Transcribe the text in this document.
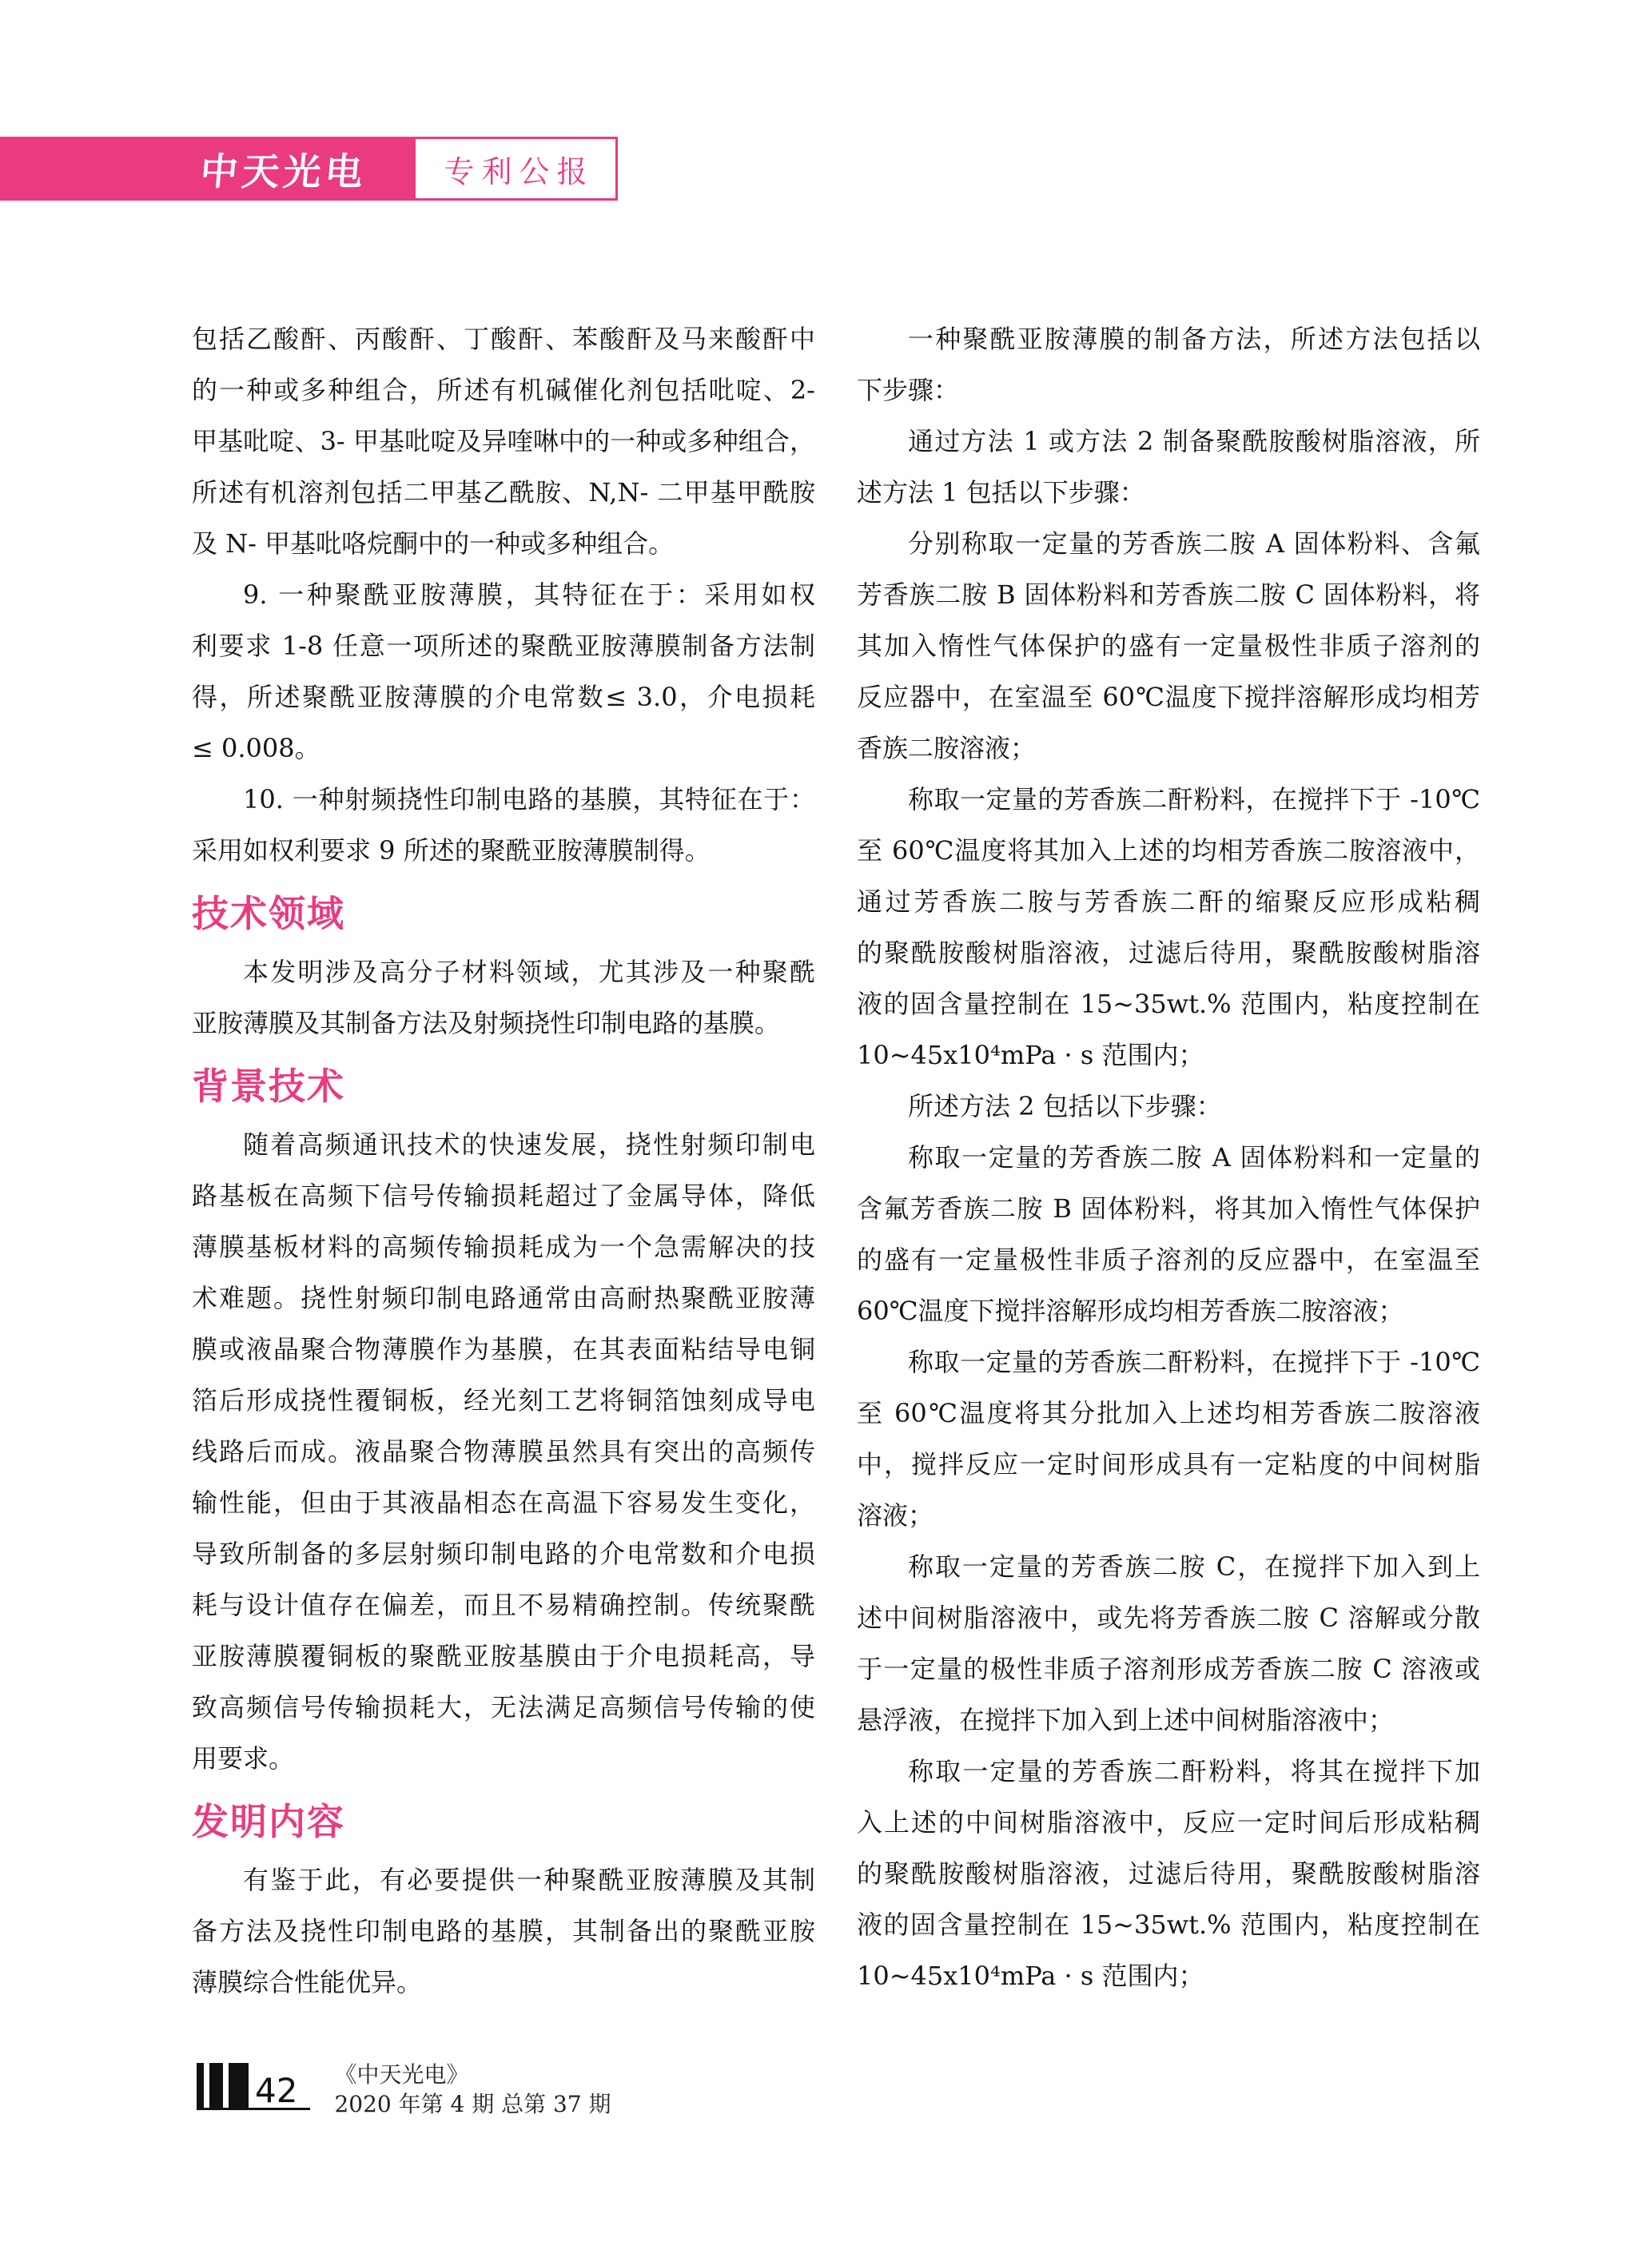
中天光电 专利公报
包括乙酸酐、丙酸酐、丁酸酐、苯酸酐及马来酸酐中
的一种或多种组合，所述有机碱催化剂包括吡啶、2-
甲基吡啶、3- 甲基吡啶及异喹啉中的一种或多种组合，
所述有机溶剂包括二甲基乙酰胺、N,N- 二甲基甲酰胺
及 N- 甲基吡咯烷酮中的一种或多种组合。
9. 一种聚酰亚胺薄膜，其特征在于：采用如权
利要求 1-8 任意一项所述的聚酰亚胺薄膜制备方法制
得，所述聚酰亚胺薄膜的介电常数≤ 3.0，介电损耗
≤ 0.008。
10. 一种射频挠性印制电路的基膜，其特征在于：
采用如权利要求 9 所述的聚酰亚胺薄膜制得。
技术领域
本发明涉及高分子材料领域，尤其涉及一种聚酰
亚胺薄膜及其制备方法及射频挠性印制电路的基膜。
背景技术
随着高频通讯技术的快速发展，挠性射频印制电
路基板在高频下信号传输损耗超过了金属导体，降低
薄膜基板材料的高频传输损耗成为一个急需解决的技
术难题。挠性射频印制电路通常由高耐热聚酰亚胺薄
膜或液晶聚合物薄膜作为基膜，在其表面粘结导电铜
箔后形成挠性覆铜板，经光刻工艺将铜箔蚀刻成导电
线路后而成。液晶聚合物薄膜虽然具有突出的高频传
输性能，但由于其液晶相态在高温下容易发生变化，
导致所制备的多层射频印制电路的介电常数和介电损
耗与设计值存在偏差，而且不易精确控制。传统聚酰
亚胺薄膜覆铜板的聚酰亚胺基膜由于介电损耗高，导
致高频信号传输损耗大，无法满足高频信号传输的使
用要求。
发明内容
有鉴于此，有必要提供一种聚酰亚胺薄膜及其制
备方法及挠性印制电路的基膜，其制备出的聚酰亚胺
薄膜综合性能优异。
一种聚酰亚胺薄膜的制备方法，所述方法包括以
下步骤：
通过方法 1 或方法 2 制备聚酰胺酸树脂溶液，所
述方法 1 包括以下步骤：
分别称取一定量的芳香族二胺 A 固体粉料、含氟
芳香族二胺 B 固体粉料和芳香族二胺 C 固体粉料，将
其加入惰性气体保护的盛有一定量极性非质子溶剂的
反应器中，在室温至 60℃温度下搅拌溶解形成均相芳
香族二胺溶液；
称取一定量的芳香族二酐粉料，在搅拌下于 -10℃
至 60℃温度将其加入上述的均相芳香族二胺溶液中，
通过芳香族二胺与芳香族二酐的缩聚反应形成粘稠
的聚酰胺酸树脂溶液，过滤后待用，聚酰胺酸树脂溶
液的固含量控制在 15~35wt.% 范围内，粘度控制在
10~45x10⁴mPa · s 范围内；
所述方法 2 包括以下步骤：
称取一定量的芳香族二胺 A 固体粉料和一定量的
含氟芳香族二胺 B 固体粉料，将其加入惰性气体保护
的盛有一定量极性非质子溶剂的反应器中，在室温至
60℃温度下搅拌溶解形成均相芳香族二胺溶液；
称取一定量的芳香族二酐粉料，在搅拌下于 -10℃
至 60℃温度将其分批加入上述均相芳香族二胺溶液
中，搅拌反应一定时间形成具有一定粘度的中间树脂
溶液；
称取一定量的芳香族二胺 C，在搅拌下加入到上
述中间树脂溶液中，或先将芳香族二胺 C 溶解或分散
于一定量的极性非质子溶剂形成芳香族二胺 C 溶液或
悬浮液，在搅拌下加入到上述中间树脂溶液中；
称取一定量的芳香族二酐粉料，将其在搅拌下加
入上述的中间树脂溶液中，反应一定时间后形成粘稠
的聚酰胺酸树脂溶液，过滤后待用，聚酰胺酸树脂溶
液的固含量控制在 15~35wt.% 范围内，粘度控制在
10~45x10⁴mPa · s 范围内；
42 《中天光电》
2020 年第 4 期 总第 37 期
